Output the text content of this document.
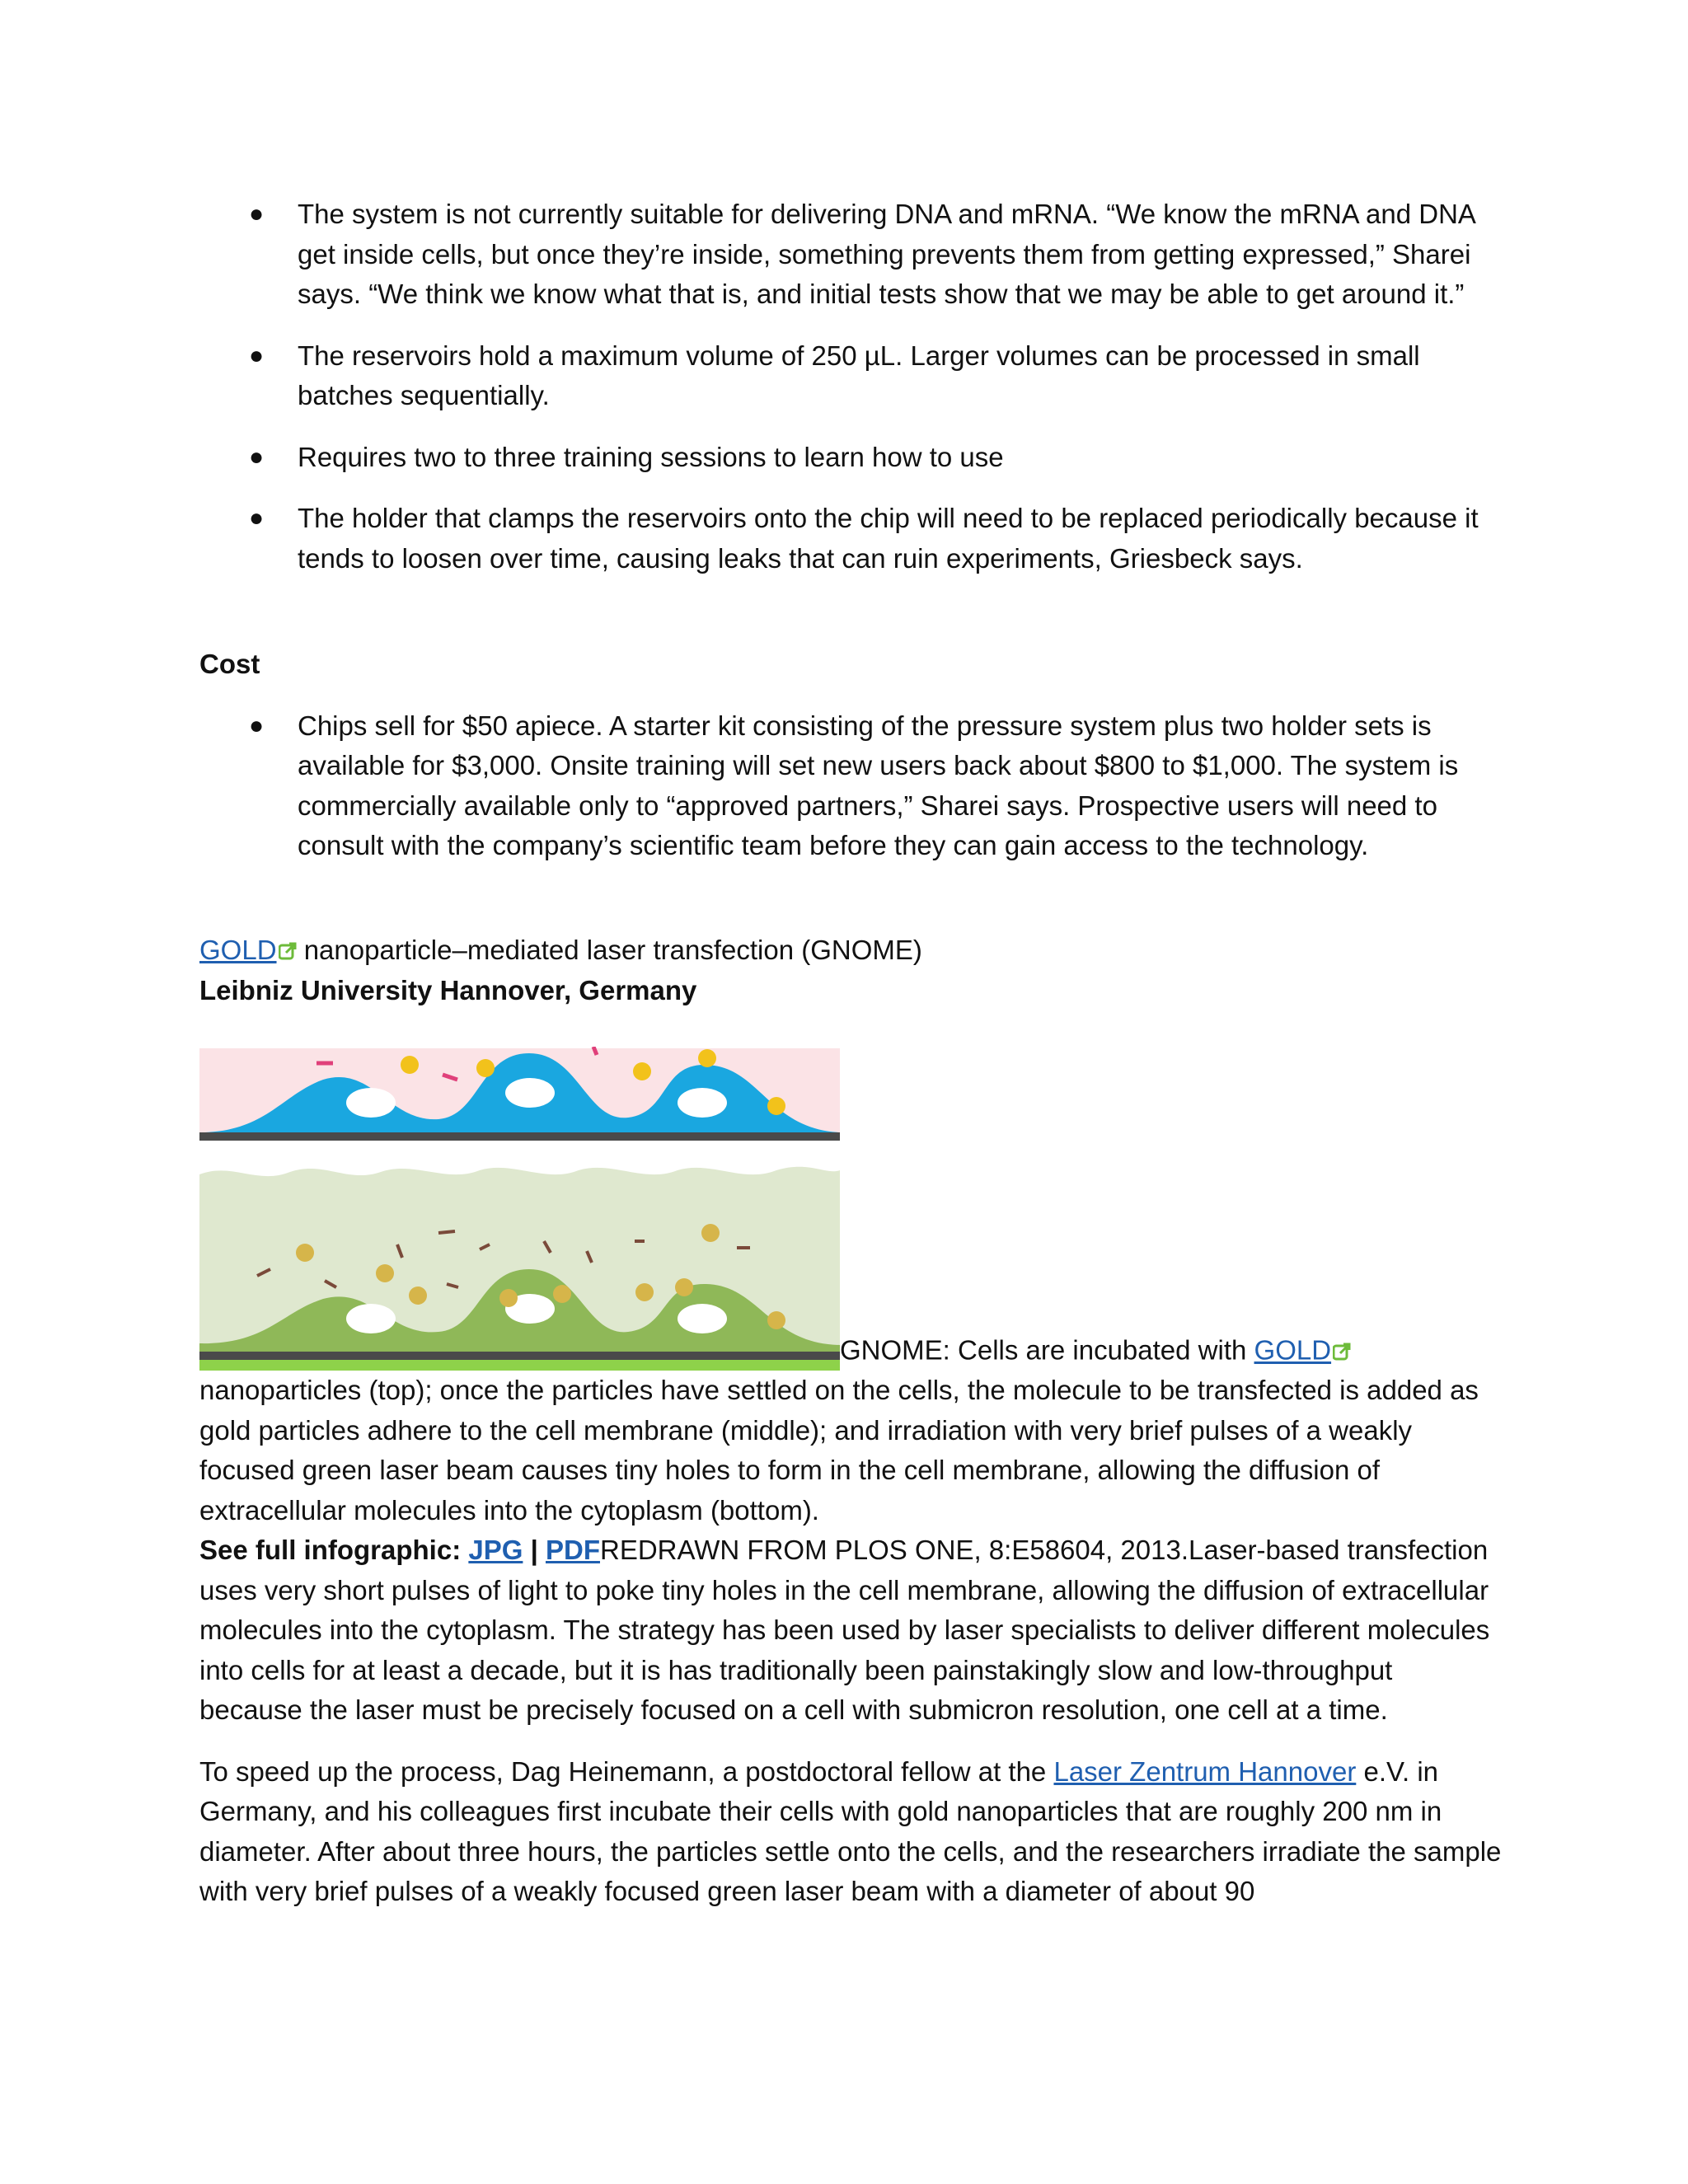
● The system is not currently suitable for delivering DNA and mRNA. “We know the mRNA and DNA get inside cells, but once they’re inside, something prevents them from getting expressed,” Sharei says. “We think we know what that is, and initial tests show that we may be able to get around it.”
● The reservoirs hold a maximum volume of 250 µL. Larger volumes can be processed in small batches sequentially.
● Requires two to three training sessions to learn how to use
● The holder that clamps the reservoirs onto the chip will need to be replaced periodically because it tends to loosen over time, causing leaks that can ruin experiments, Griesbeck says.

Cost

● Chips sell for $50 apiece. A starter kit consisting of the pressure system plus two holder sets is available for $3,000. Onsite training will set new users back about $800 to $1,000. The system is commercially available only to “approved partners,” Sharei says. Prospective users will need to consult with the company’s scientific team before they can gain access to the technology.

GOLD nanoparticle–mediated laser transfection (GNOME)

Leibniz University Hannover, Germany

GNOME: Cells are incubated with GOLD nanoparticles (top); once the particles have settled on the cells, the molecule to be transfected is added as gold particles adhere to the cell membrane (middle); and irradiation with very brief pulses of a weakly focused green laser beam causes tiny holes to form in the cell membrane, allowing the diffusion of extracellular molecules into the cytoplasm (bottom).

See full infographic: JPG | PDFREDRAWN FROM PLOS ONE, 8:E58604, 2013.Laser-based transfection uses very short pulses of light to poke tiny holes in the cell membrane, allowing the diffusion of extracellular molecules into the cytoplasm. The strategy has been used by laser specialists to deliver different molecules into cells for at least a decade, but it is has traditionally been painstakingly slow and low-throughput because the laser must be precisely focused on a cell with submicron resolution, one cell at a time.

To speed up the process, Dag Heinemann, a postdoctoral fellow at the Laser Zentrum Hannover e.V. in Germany, and his colleagues first incubate their cells with gold nanoparticles that are roughly 200 nm in diameter. After about three hours, the particles settle onto the cells, and the researchers irradiate the sample with very brief pulses of a weakly focused green laser beam with a diameter of about 90
